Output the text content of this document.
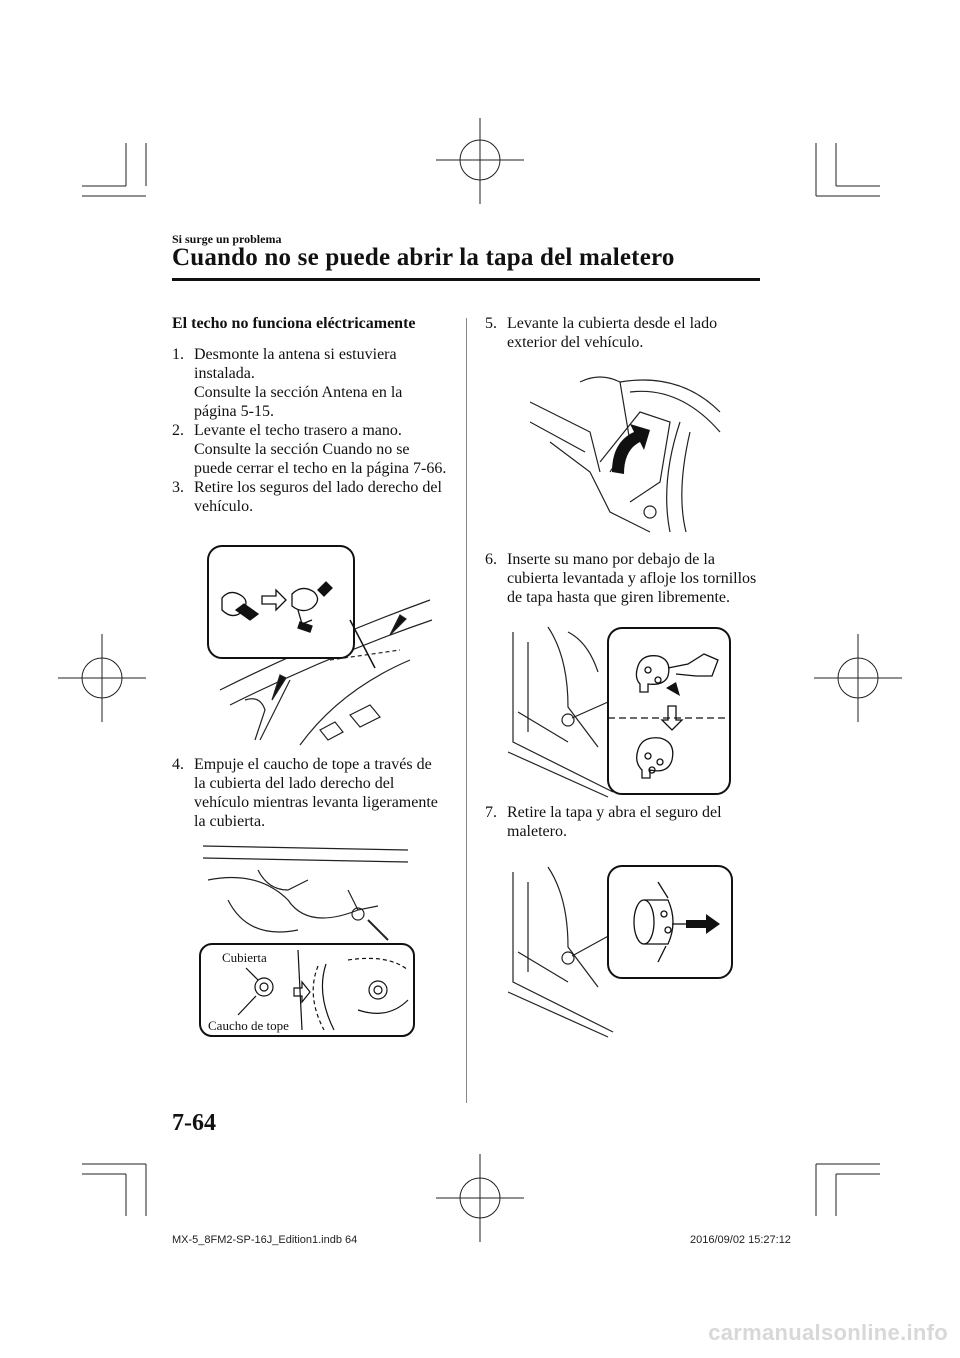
Si surge un problema
Cuando no se puede abrir la tapa del maletero
El techo no funciona eléctricamente
1. Desmonte la antena si estuviera instalada.
Consulte la sección Antena en la página 5-15.
2. Levante el techo trasero a mano.
Consulte la sección Cuando no se puede cerrar el techo en la página 7-66.
3. Retire los seguros del lado derecho del vehículo.
4. Empuje el caucho de tope a través de la cubierta del lado derecho del vehículo mientras levanta ligeramente la cubierta.
Cubierta
Caucho de tope
5. Levante la cubierta desde el lado exterior del vehículo.
6. Inserte su mano por debajo de la cubierta levantada y afloje los tornillos de tapa hasta que giren libremente.
7. Retire la tapa y abra el seguro del maletero.
7-64
MX-5_8FM2-SP-16J_Edition1.indb 64	2016/09/02 15:27:12
carmanualsonline.info
